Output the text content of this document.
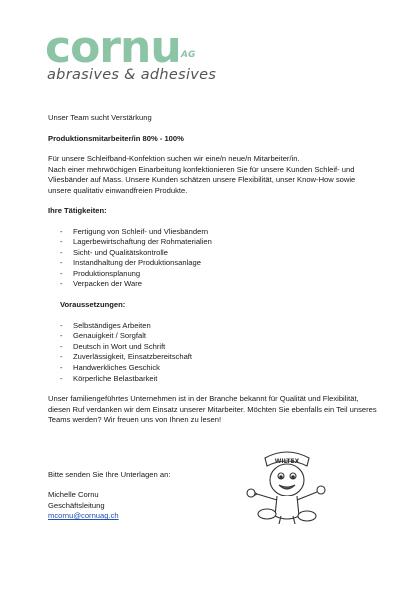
cornu AG
abrasives & adhesives

Unser Team sucht Verstärkung

Produktionsmitarbeiter/in 80% - 100%

Für unsere Schleifband-Konfektion suchen wir eine/n neue/n Mitarbeiter/in.

Nach einer mehrwöchigen Einarbeitung konfektionieren Sie für unsere Kunden Schleif- und Vliesbänder auf Mass. Unsere Kunden schätzen unsere Flexibilität, unser Know-How sowie unsere qualitativ einwandfreien Produkte.

Ihre Tätigkeiten:

- Fertigung von Schleif- und Vliesbändern
- Lagerbewirtschaftung der Rohmaterialien
- Sicht- und Qualitätskontrolle
- Instandhaltung der Produktionsanlage
- Produktionsplanung
- Verpacken der Ware

Voraussetzungen:

- Selbständiges Arbeiten
- Genauigkeit / Sorgfalt
- Deutsch in Wort und Schrift
- Zuverlässigkeit, Einsatzbereitschaft
- Handwerkliches Geschick
- Körperliche Belastbarkeit

Unser familiengeführtes Unternehmen ist in der Branche bekannt für Qualität und Flexibilität, diesen Ruf verdanken wir dem Einsatz unserer Mitarbeiter. Möchten Sie ebenfalls ein Teil unseres Teams werden? Wir freuen uns von Ihnen zu lesen!

Bitte senden Sie Ihre Unterlagen an:

Michelle Cornu

Geschäftsleitung

mcornu@cornuag.ch

WILTEX
